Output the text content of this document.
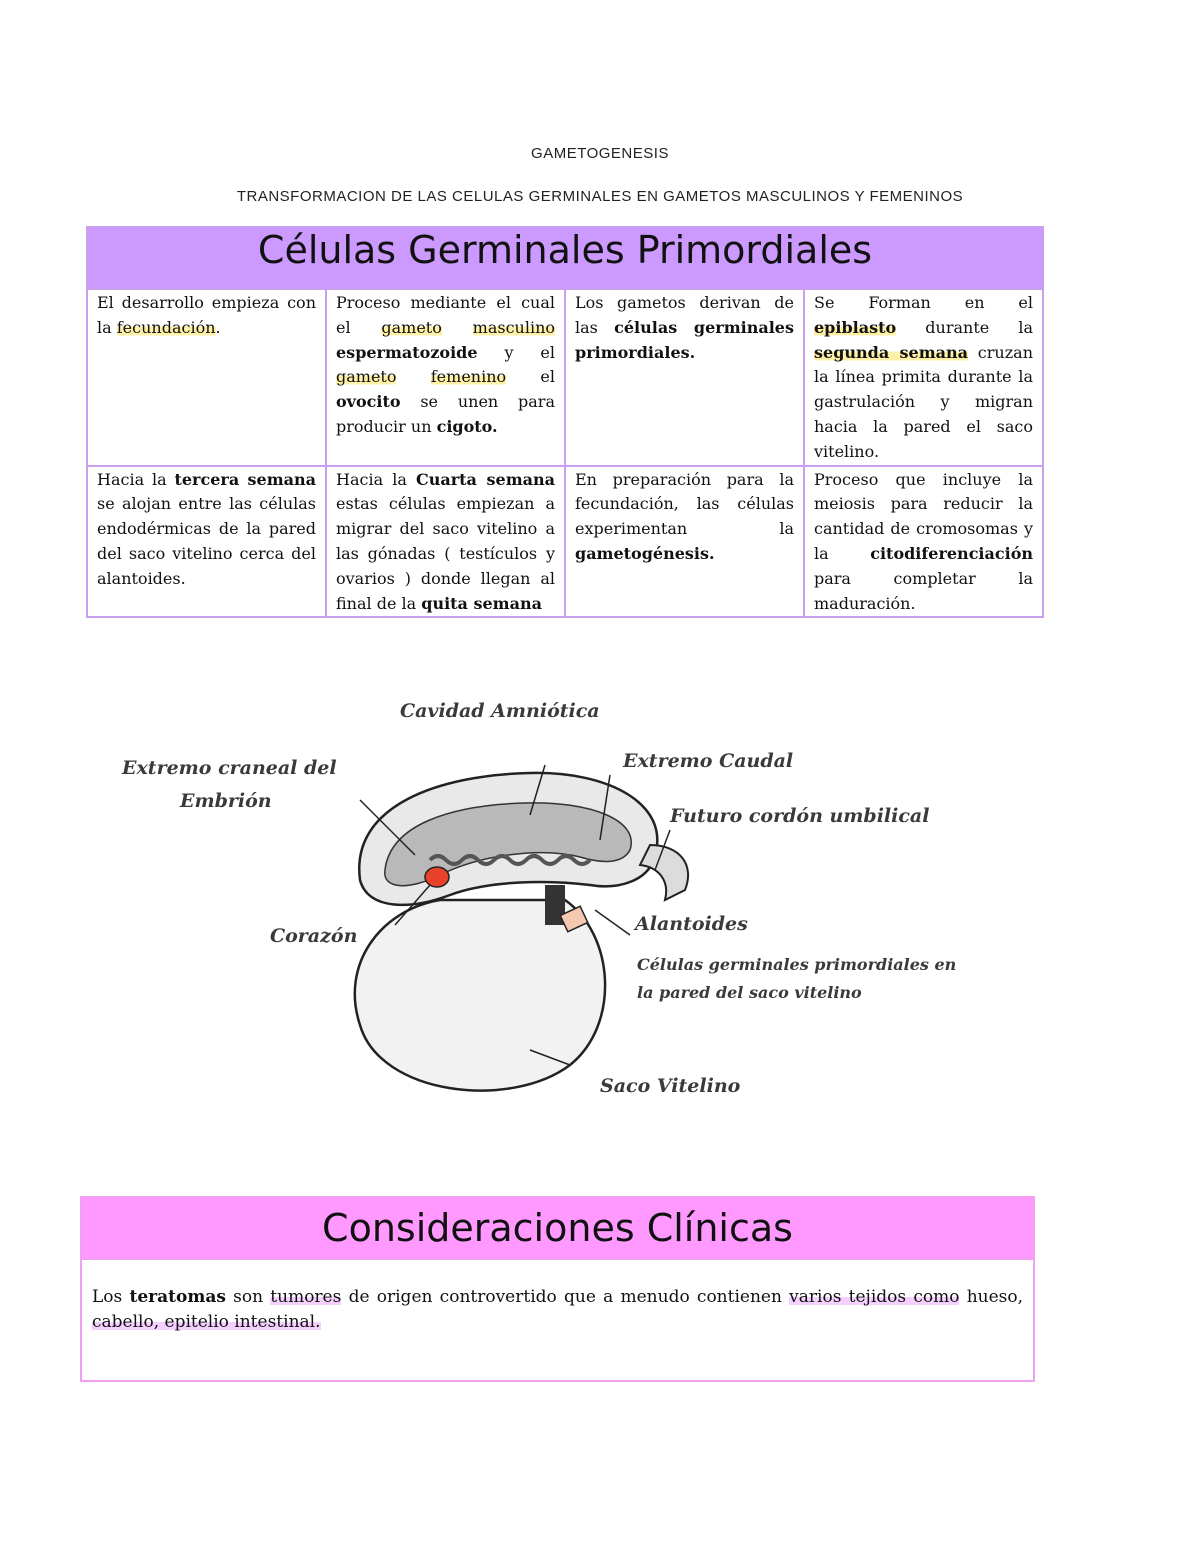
GAMETOGENESIS
TRANSFORMACION DE LAS CELULAS GERMINALES EN GAMETOS MASCULINOS Y FEMENINOS
Células Germinales Primordiales			
El desarrollo empieza con la fecundación.	Proceso mediante el cual el gameto masculino espermatozoide y el gameto femenino el ovocito se unen para producir un cigoto.	Los gametos derivan de las células germinales primordiales.	Se Forman en el epiblasto durante la segunda semana cruzan la línea primita durante la gastrulación y migran hacia la pared el saco vitelino.
Hacia la tercera semana se alojan entre las células endodérmicas de la pared del saco vitelino cerca del alantoides.	Hacia la Cuarta semana estas células empiezan a migrar del saco vitelino a las gónadas ( testículos y ovarios ) donde llegan al final de la quita semana	En preparación para la fecundación, las células experimentan la gametogénesis.	Proceso que incluye la meiosis para reducir la cantidad de cromosomas y la citodiferenciación para completar la maduración.
Cavidad Amniótica
Extremo craneal del
Embrión
Extremo Caudal
Futuro cordón umbilical
Corazón
Alantoides
Células germinales primordiales en
la pared del saco vitelino
Saco Vitelino
Consideraciones Clínicas
Los teratomas son tumores de origen controvertido que a menudo contienen varios tejidos como hueso, cabello, epitelio intestinal.
